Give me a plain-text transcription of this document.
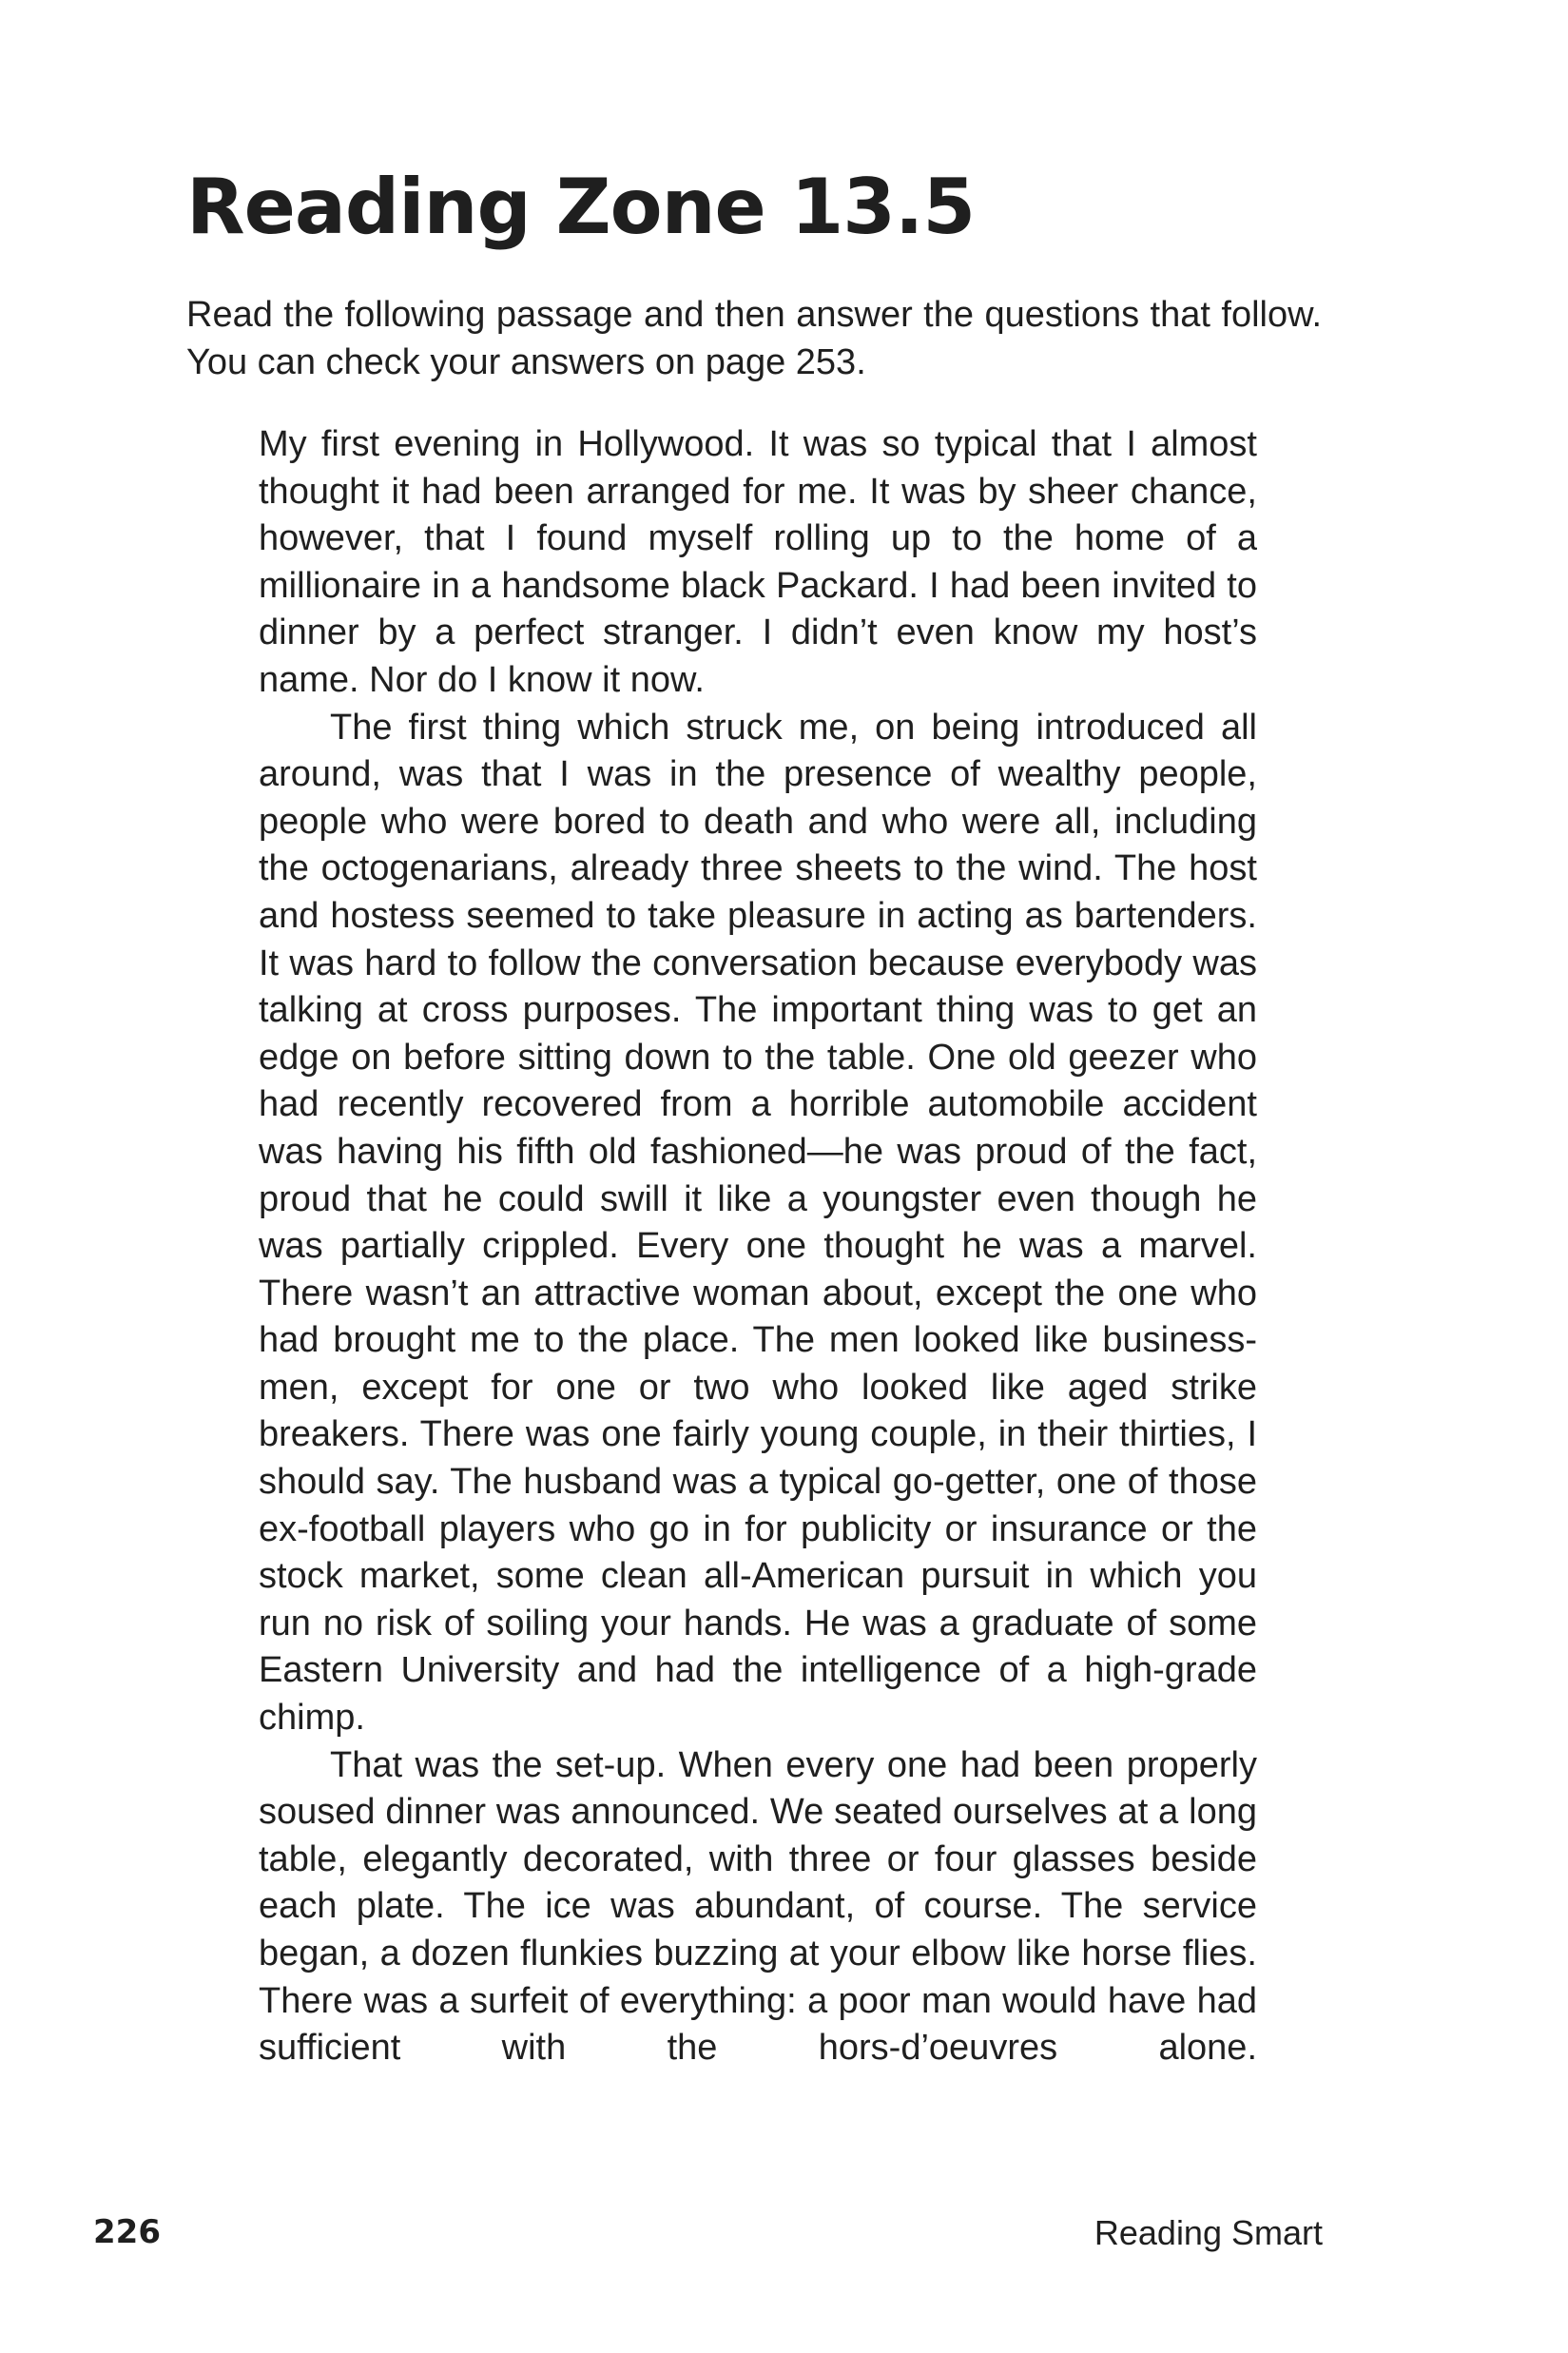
Reading Zone 13.5

Read the following passage and then answer the questions that follow. You can check your answers on page 253.

My first evening in Hollywood. It was so typical that I almost thought it had been arranged for me. It was by sheer chance, however, that I found myself rolling up to the home of a millionaire in a handsome black Packard. I had been invited to dinner by a perfect stranger. I didn’t even know my host’s name. Nor do I know it now.

The first thing which struck me, on being introduced all around, was that I was in the presence of wealthy people, people who were bored to death and who were all, including the octogenarians, already three sheets to the wind. The host and hostess seemed to take pleasure in acting as bartenders. It was hard to follow the conversation because everybody was talking at cross purposes. The important thing was to get an edge on before sitting down to the table. One old geezer who had recently recovered from a horrible automobile accident was having his fifth old fashioned—he was proud of the fact, proud that he could swill it like a youngster even though he was partially crippled. Every one thought he was a marvel. There wasn’t an attractive woman about, except the one who had brought me to the place. The men looked like businessmen, except for one or two who looked like aged strike breakers. There was one fairly young couple, in their thirties, I should say. The husband was a typical go-getter, one of those ex-football players who go in for publicity or insurance or the stock market, some clean all-American pursuit in which you run no risk of soiling your hands. He was a graduate of some Eastern University and had the intelligence of a high-grade chimp.

That was the set-up. When every one had been properly soused dinner was announced. We seated ourselves at a long table, elegantly decorated, with three or four glasses beside each plate. The ice was abundant, of course. The service began, a dozen flunkies buzzing at your elbow like horse flies. There was a surfeit of everything: a poor man would have had sufficient with the hors-d’oeuvres alone.

226	Reading Smart
